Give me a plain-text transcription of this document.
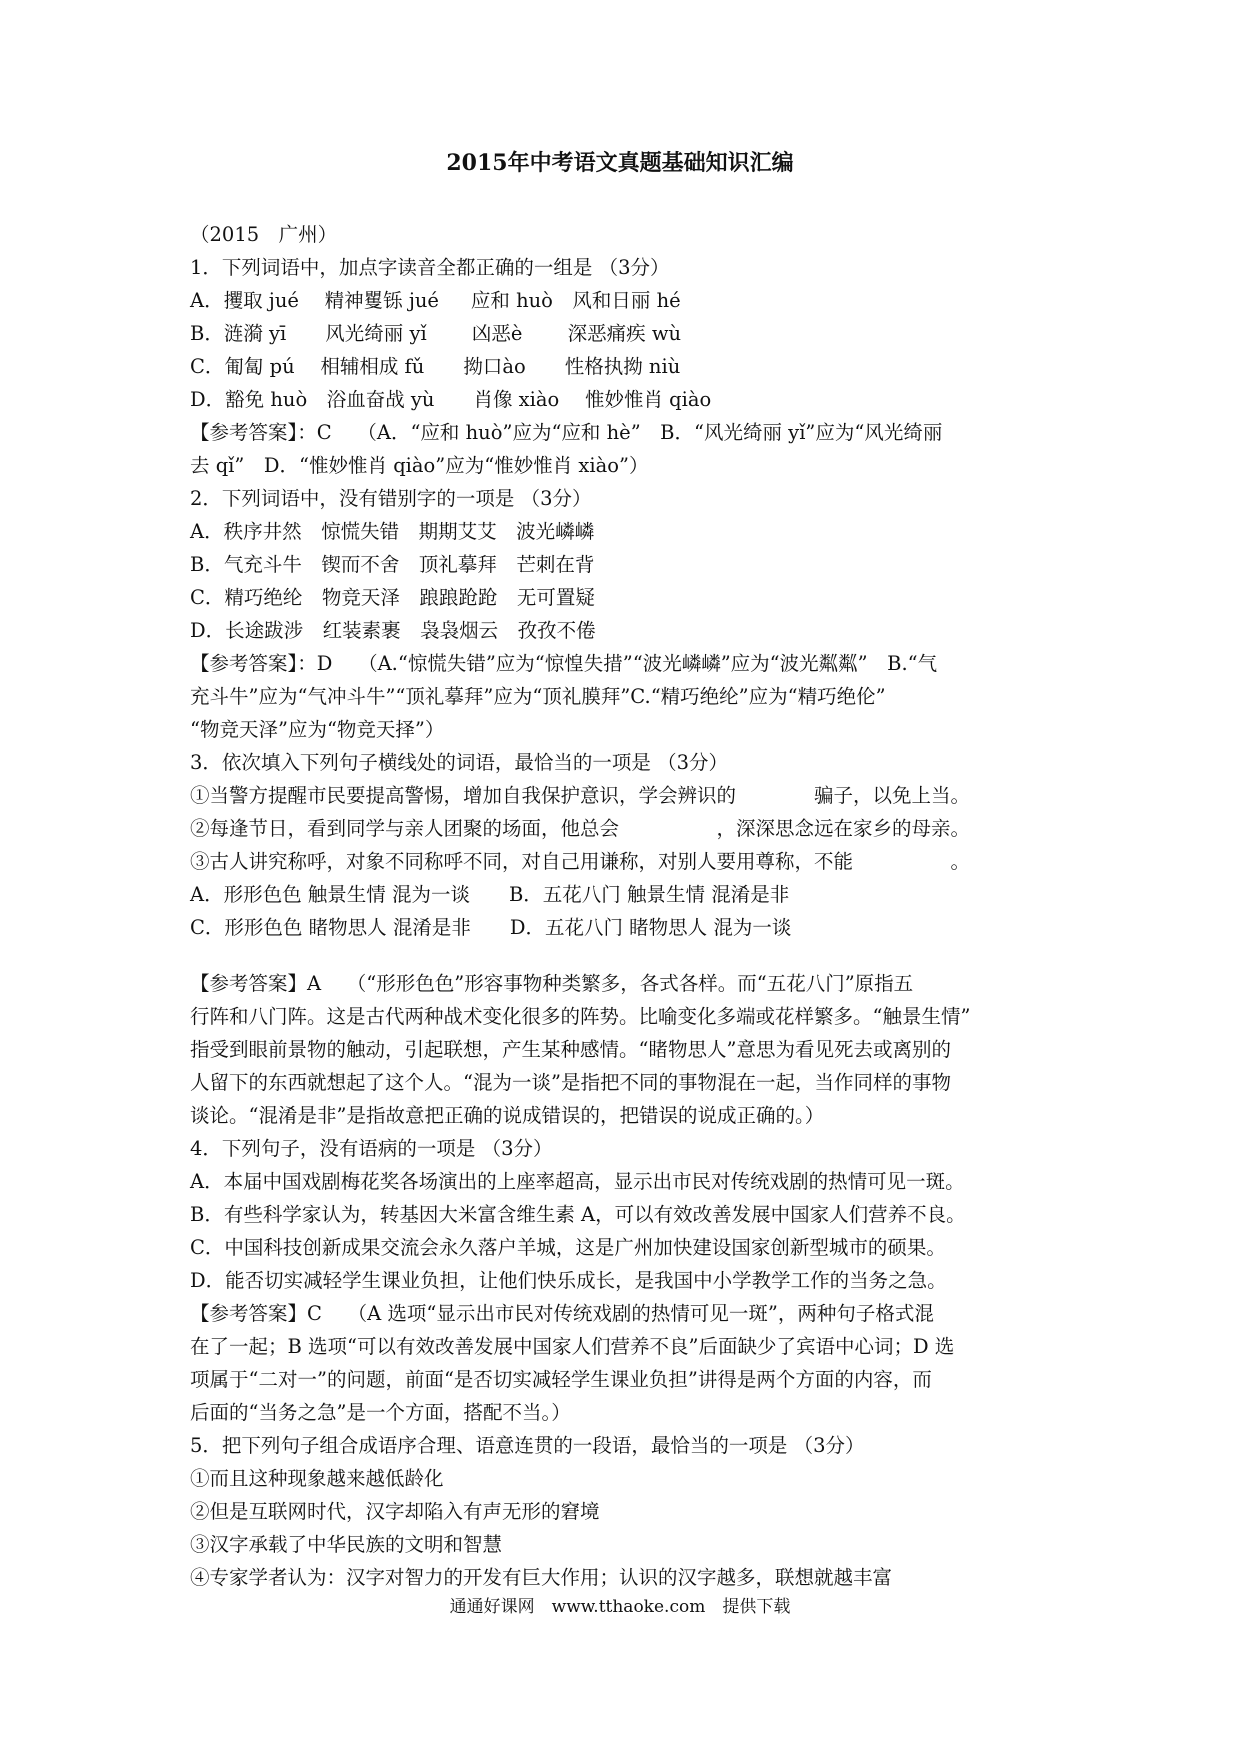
2015年中考语文真题基础知识汇编
（2015　广州）
1．下列词语中，加点字读音全都正确的一组是 （3分）
A．攫取 jué　 精神矍铄 jué 　 应和 huò　风和日丽 hé
B．涟漪 yī　　风光绮丽 yǐ 　　凶恶è　　 深恶痛疾 wù
C．匍匐 pú　 相辅相成 fǔ　　拗口ào　　性格执拗 niù
D．豁免 huò　浴血奋战 yù　　肖像 xiào　 惟妙惟肖 qiào
【参考答案】：C　 （A．“应和 huò”应为“应和 hè”　B．“风光绮丽 yǐ”应为“风光绮丽
去 qǐ”　D．“惟妙惟肖 qiào”应为“惟妙惟肖 xiào”）
2．下列词语中，没有错别字的一项是 （3分）
A．秩序井然　惊慌失错　期期艾艾　波光嶙嶙
B．气充斗牛　锲而不舍　顶礼摹拜　芒刺在背
C．精巧绝纶　物竞天泽　踉踉跄跄　无可置疑
D．长途跋涉　红装素裹　袅袅烟云　孜孜不倦
【参考答案】：D　 （A.“惊慌失错”应为“惊惶失措”“波光嶙嶙”应为“波光粼粼”　B.“气
充斗牛”应为“气冲斗牛”“顶礼摹拜”应为“顶礼膜拜”C.“精巧绝纶”应为“精巧绝伦”
“物竞天泽”应为“物竞天择”）
3．依次填入下列句子横线处的词语，最恰当的一项是 （3分）
①当警方提醒市民要提高警惕，增加自我保护意识，学会辨识的　　　　骗子，以免上当。
②每逢节日，看到同学与亲人团聚的场面，他总会　　　　　，深深思念远在家乡的母亲。
③古人讲究称呼，对象不同称呼不同，对自己用谦称，对别人要用尊称，不能　　　　　。
A．形形色色 触景生情 混为一谈　　B．五花八门 触景生情 混淆是非
C．形形色色 睹物思人 混淆是非　　D．五花八门 睹物思人 混为一谈
【参考答案】A　 （“形形色色”形容事物种类繁多，各式各样。而“五花八门”原指五
行阵和八门阵。这是古代两种战术变化很多的阵势。比喻变化多端或花样繁多。“触景生情”
指受到眼前景物的触动，引起联想，产生某种感情。“睹物思人”意思为看见死去或离别的
人留下的东西就想起了这个人。“混为一谈”是指把不同的事物混在一起，当作同样的事物
谈论。“混淆是非”是指故意把正确的说成错误的，把错误的说成正确的。）
4．下列句子，没有语病的一项是 （3分）
A．本届中国戏剧梅花奖各场演出的上座率超高，显示出市民对传统戏剧的热情可见一斑。
B．有些科学家认为，转基因大米富含维生素 A，可以有效改善发展中国家人们营养不良。
C．中国科技创新成果交流会永久落户羊城，这是广州加快建设国家创新型城市的硕果。
D．能否切实减轻学生课业负担，让他们快乐成长，是我国中小学教学工作的当务之急。
【参考答案】C　 （A 选项“显示出市民对传统戏剧的热情可见一斑”，两种句子格式混
在了一起；B 选项“可以有效改善发展中国家人们营养不良”后面缺少了宾语中心词；D 选
项属于“二对一”的问题，前面“是否切实减轻学生课业负担”讲得是两个方面的内容，而
后面的“当务之急”是一个方面，搭配不当。）
5．把下列句子组合成语序合理、语意连贯的一段语，最恰当的一项是 （3分）
①而且这种现象越来越低龄化
②但是互联网时代，汉字却陷入有声无形的窘境
③汉字承载了中华民族的文明和智慧
④专家学者认为：汉字对智力的开发有巨大作用；认识的汉字越多，联想就越丰富
通通好课网　www.tthaoke.com　提供下载
